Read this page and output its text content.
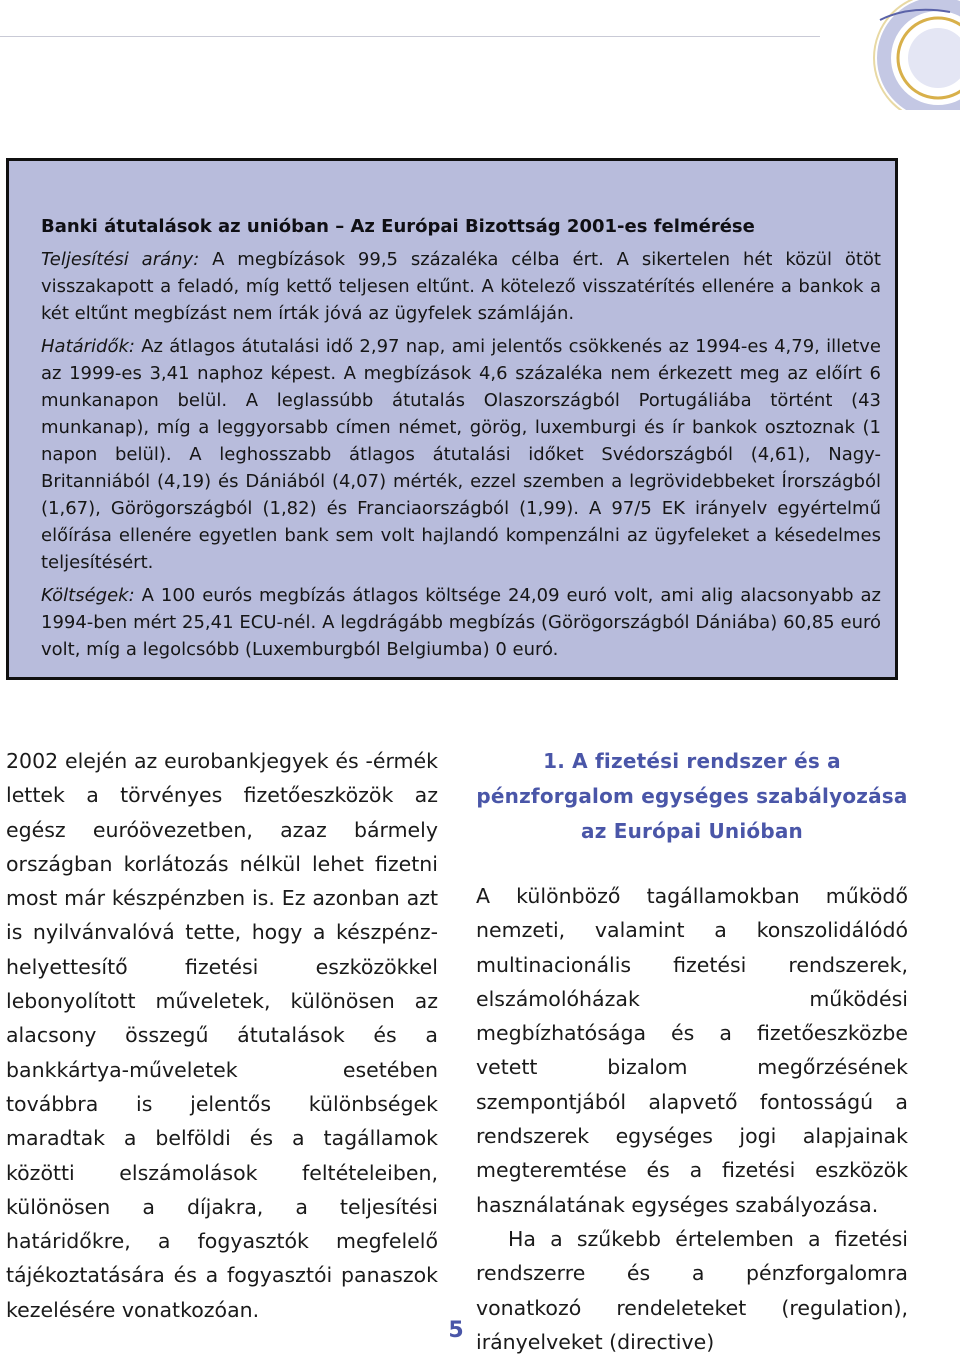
Banki átutalások az unióban – Az Európai Bizottság 2001-es felmérése

Teljesítési arány: A megbízások 99,5 százaléka célba ért. A sikertelen hét közül ötöt visszakapott a feladó, míg kettő teljesen eltűnt. A kötelező visszatérítés ellenére a bankok a két eltűnt megbízást nem írták jóvá az ügyfelek számláján.

Határidők: Az átlagos átutalási idő 2,97 nap, ami jelentős csökkenés az 1994-es 4,79, illetve az 1999-es 3,41 naphoz képest. A megbízások 4,6 százaléka nem érkezett meg az előírt 6 munkanapon belül. A leglassúbb átutalás Olaszországból Portugáliába történt (43 munkanap), míg a leggyorsabb címen német, görög, luxemburgi és ír bankok osztoznak (1 napon belül). A leghosszabb átlagos átutalási időket Svédországból (4,61), Nagy-Britanniából (4,19) és Dániából (4,07) mérték, ezzel szemben a legrövidebbeket Írországból (1,67), Görögországból (1,82) és Franciaországból (1,99). A 97/5 EK irányelv egyértelmű előírása ellenére egyetlen bank sem volt hajlandó kompenzálni az ügyfeleket a késedelmes teljesítésért.

Költségek: A 100 eurós megbízás átlagos költsége 24,09 euró volt, ami alig alacsonyabb az 1994-ben mért 25,41 ECU-nél. A legdrágább megbízás (Görögországból Dániába) 60,85 euró volt, míg a legolcsóbb (Luxemburgból Belgiumba) 0 euró.

2002 elején az eurobankjegyek és -érmék lettek a törvényes fizetőeszközök az egész euróövezetben, azaz bármely országban korlátozás nélkül lehet fizetni most már készpénzben is. Ez azonban azt is nyilvánvalóvá tette, hogy a készpénz-helyettesítő fizetési eszközökkel lebonyolított műveletek, különösen az alacsony összegű átutalások és a bankkártya-műveletek esetében továbbra is jelentős különbségek maradtak a belföldi és a tagállamok közötti elszámolások feltételeiben, különösen a díjakra, a teljesítési határidőkre, a fogyasztók megfelelő tájékoztatására és a fogyasztói panaszok kezelésére vonatkozóan.

1. A fizetési rendszer és a pénzforgalom egységes szabályozása az Európai Unióban

A különböző tagállamokban működő nemzeti, valamint a konszolidálódó multinacionális fizetési rendszerek, elszámolóházak működési megbízhatósága és a fizetőeszközbe vetett bizalom megőrzésének szempontjából alapvető fontosságú a rendszerek egységes jogi alapjainak megteremtése és a fizetési eszközök használatának egységes szabályozása.

Ha a szűkebb értelemben a fizetési rendszerre és a pénzforgalomra vonatkozó rendeleteket (regulation), irányelveket (directive)

5
